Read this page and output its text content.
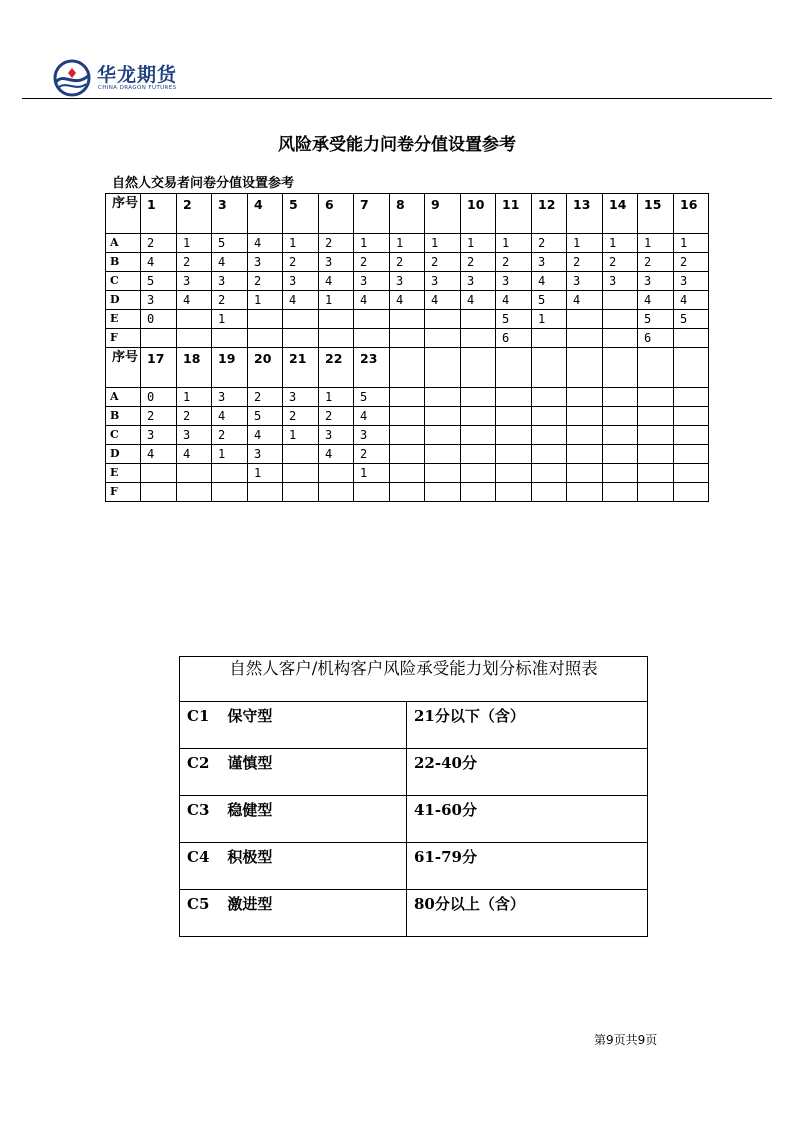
华龙期货
CHINA DRAGON FUTURES
风险承受能力问卷分值设置参考
自然人交易者问卷分值设置参考
序号	1	2	3	4	5	6	7	8	9	10	11	12	13	14	15	16
A	2	1	5	4	1	2	1	1	1	1	1	2	1	1	1	1
B	4	2	4	3	2	3	2	2	2	2	2	3	2	2	2	2
C	5	3	3	2	3	4	3	3	3	3	3	4	3	3	3	3
D	3	4	2	1	4	1	4	4	4	4	4	5	4		4	4
E	0		1								5	1			5	5
F											6				6	
序号	17	18	19	20	21	22	23									
A	0	1	3	2	3	1	5									
B	2	2	4	5	2	2	4									
C	3	3	2	4	1	3	3									
D	4	4	1	3		4	2									
E				1			1									
F																
自然人客户/机构客户风险承受能力划分标准对照表	
C1 保守型	21分以下（含）
C2 谨慎型	22-40分
C3 稳健型	41-60分
C4 积极型	61-79分
C5 激进型	80分以上（含）
第9页共9页
